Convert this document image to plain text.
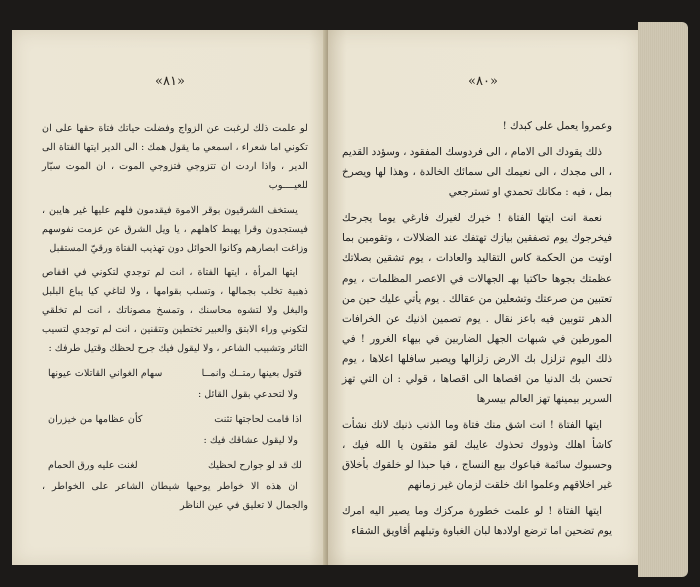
«٨١»

لو علمت ذلك لرغبت عن الزواج وفضلت حياتك فتاة حقها على ان تكوني اما شعراء ، اسمعي ما يقول همك : الى الدير ايتها الفتاة الى الدير ، واذا اردت ان تتزوجي فتزوجي الموت ، ان الموت سبّار للعيــــوب

يستخف الشرقيون بوقر الاموة فيقدمون فلهم عليها غير هايبن ، فيستجدون وقرا يهبط كاهلهم ، يا ويل الشرق عن عزمت نفوسهم وزاغت ابصارهم وكانوا الحوائل دون تهذيب الفتاة ورقيّ المستقبل

ايتها المرأة ، ايتها الفتاة ، انت لم توجدي لتكوني في اقفاص ذهبية تخلب بجمالها ، وتسلب بقوامها ، ولا لتاغي كيا يباع البلبل والبغل ولا لتشوه محاسنك ، وتمسخ مصوناتك ، انت لم تخلقي لتكوني وراء الابتق والعبير تختطين وتتقنين ، انت لم توجدي لتسيب الثائر وتشبيب الشاعر ، ولا ليقول فيك جرح لحظك وقتيل طرفك :

قتول بعينها رمتــك وانمــا
سهام الغواني القاتلات عيونها

ولا لتحدعي بقول القائل :

اذا قامت لحاجتها تثنت
كأن عظامها من خيزران

ولا ليقول عشاقك فيك :

لك قد لو جوارح لحظيك
لغنت عليه ورق الحمام

ان هذه الا خواطر يوحيها شيطان الشاعر على الخواطر ، والجمال لا تعليق في عين الناظر

«٨٠»

وعمروا يعمل على كبدك !

ذلك يقودك الى الامام ، الى فردوسك المفقود ، وسؤدد القديم ، الى مجدك ، الى نعيمك الى سمائك الخالدة ، وهذا لها ويصرخ بمل ، فيه : مكانك تحمدي او تسترجعي

نعمة انت ايتها الفتاة ! خيرك لغيرك فارغي يوما يجرحك فيخرجوك يوم تصفقين بيازك تهتفك عند الضلالات ، وتقومين بما اوتيت من الحكمة كاس التقاليد والعادات ، يوم تشقين بصلاتك عظمتك بجوها حاكتيا بهـ الجهالات في الاعصر المظلمات ، يوم تعتبين من صرعتك وتشعلين من عقالك . يوم يأتي عليك حين من الدهر تتوبين فيه باعز نقال . يوم تصمين اذنيك عن الخرافات المورطين في شبهات الجهل الضاربين في بيهاء الغرور ! في ذلك اليوم تزلزل بك الارض زلزالها ويصير سافلها اعلاها ، يوم تحسن بك الدنيا من اقصاها الى اقصاها ، قولي : ان التي تهز السرير بيمينها تهز العالم بيسرها

ايتها الفتاة ! انت اشق منك فتاة وما الذنب ذنبك لانك نشأت كاشأ اهلك وذووك تحذوك عايبك لقو مثقون يا الله فيك ، وحسبوك سائمة فباعوك بيع النساج ، فيا حبذا لو خلقوك بأخلاق غير اخلاقهم وعلموا انك خلقت لزمان غير زمانهم

ايتها الفتاة ! لو علمت خطورة مركزك وما يصير اليه امرك يوم تضحين اما ترضع اولادها لبان الغباوة وتبلهم أقاويق الشقاء
